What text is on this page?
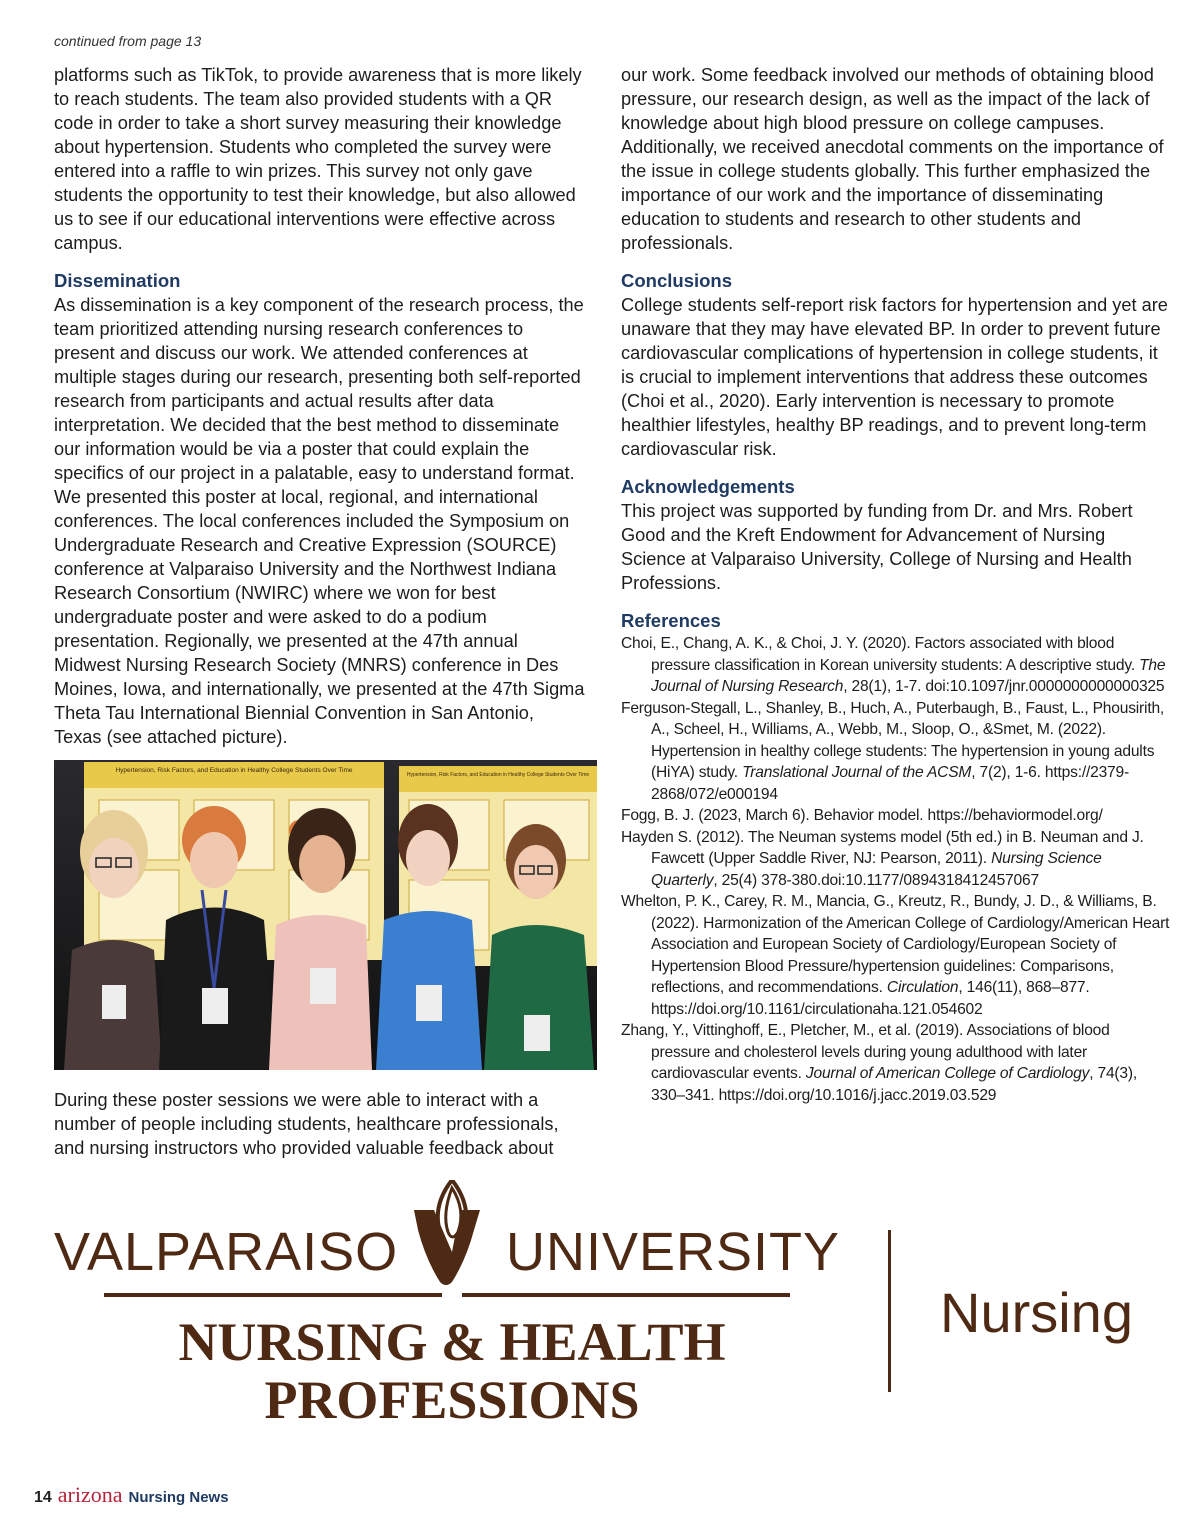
continued from page 13

platforms such as TikTok, to provide awareness that is more likely to reach students. The team also provided students with a QR code in order to take a short survey measuring their knowledge about hypertension. Students who completed the survey were entered into a raffle to win prizes. This survey not only gave students the opportunity to test their knowledge, but also allowed us to see if our educational interventions were effective across campus.

Dissemination

As dissemination is a key component of the research process, the team prioritized attending nursing research conferences to present and discuss our work. We attended conferences at multiple stages during our research, presenting both self-reported research from participants and actual results after data interpretation. We decided that the best method to disseminate our information would be via a poster that could explain the specifics of our project in a palatable, easy to understand format. We presented this poster at local, regional, and international conferences. The local conferences included the Symposium on Undergraduate Research and Creative Expression (SOURCE) conference at Valparaiso University and the Northwest Indiana Research Consortium (NWIRC) where we won for best undergraduate poster and were asked to do a podium presentation. Regionally, we presented at the 47th annual Midwest Nursing Research Society (MNRS) conference in Des Moines, Iowa, and internationally, we presented at the 47th Sigma Theta Tau International Biennial Convention in San Antonio, Texas (see attached picture).

Hypertension, Risk Factors, and Education in Healthy College Students Over Time
Hypertension, Risk Factors, and Education in Healthy College Students Over Time

During these poster sessions we were able to interact with a number of people including students, healthcare professionals, and nursing instructors who provided valuable feedback about

our work. Some feedback involved our methods of obtaining blood pressure, our research design, as well as the impact of the lack of knowledge about high blood pressure on college campuses. Additionally, we received anecdotal comments on the importance of the issue in college students globally. This further emphasized the importance of our work and the importance of disseminating education to students and research to other students and professionals.

Conclusions

College students self-report risk factors for hypertension and yet are unaware that they may have elevated BP. In order to prevent future cardiovascular complications of hypertension in college students, it is crucial to implement interventions that address these outcomes (Choi et al., 2020). Early intervention is necessary to promote healthier lifestyles, healthy BP readings, and to prevent long-term cardiovascular risk.

Acknowledgements

This project was supported by funding from Dr. and Mrs. Robert Good and the Kreft Endowment for Advancement of Nursing Science at Valparaiso University, College of Nursing and Health Professions.

References
Choi, E., Chang, A. K., & Choi, J. Y. (2020). Factors associated with blood pressure classification in Korean university students: A descriptive study. The Journal of Nursing Research, 28(1), 1-7. doi:10.1097/jnr.0000000000000325
Ferguson-Stegall, L., Shanley, B., Huch, A., Puterbaugh, B., Faust, L., Phousirith, A., Scheel, H., Williams, A., Webb, M., Sloop, O., &Smet, M. (2022). Hypertension in healthy college students: The hypertension in young adults (HiYA) study. Translational Journal of the ACSM, 7(2), 1-6. https://2379-2868/072/e000194
Fogg, B. J. (2023, March 6). Behavior model. https://behaviormodel.org/
Hayden S. (2012). The Neuman systems model (5th ed.) in B. Neuman and J. Fawcett (Upper Saddle River, NJ: Pearson, 2011). Nursing Science Quarterly, 25(4) 378-380.doi:10.1177/0894318412457067
Whelton, P. K., Carey, R. M., Mancia, G., Kreutz, R., Bundy, J. D., & Williams, B. (2022). Harmonization of the American College of Cardiology/American Heart Association and European Society of Cardiology/European Society of Hypertension Blood Pressure/hypertension guidelines: Comparisons, reflections, and recommendations. Circulation, 146(11), 868–877. https://doi.org/10.1161/circulationaha.121.054602
Zhang, Y., Vittinghoff, E., Pletcher, M., et al. (2019). Associations of blood pressure and cholesterol levels during young adulthood with later cardiovascular events. Journal of American College of Cardiology, 74(3), 330–341. https://doi.org/10.1016/j.jacc.2019.03.529
VALPARAISO UNIVERSITY
NURSING & HEALTH
PROFESSIONS
Nursing
14 arizona Nursing News
